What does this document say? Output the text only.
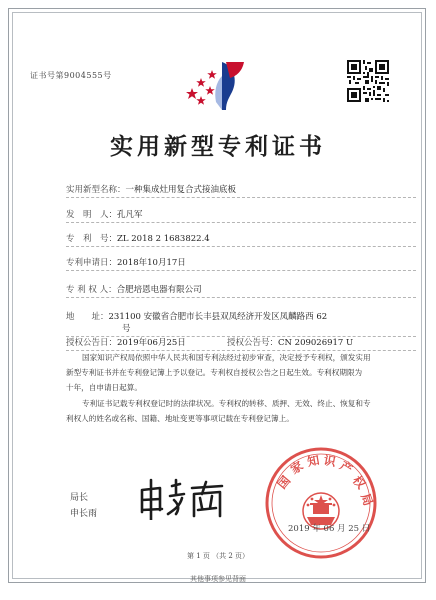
证书号第9004555号
实用新型专利证书
实用新型名称：一种集成灶用复合式接油底板
发　明　人：孔凡军
专　利　号：ZL 2018 2 1683822.4
专利申请日：2018年10月17日
专 利 权 人：合肥培恩电器有限公司
地　　址：231100 安徽省合肥市长丰县双凤经济开发区凤麟路西 62
号
授权公告日：2019年06月25日	授权公告号：CN 209026917 U
国家知识产权局依照中华人民共和国专利法经过初步审查，决定授予专利权，颁发实用
新型专利证书并在专利登记簿上予以登记。专利权自授权公告之日起生效。专利权期限为
十年，自申请日起算。
专利证书记载专利权登记时的法律状况。专利权的转移、质押、无效、终止、恢复和专
利权人的姓名或名称、国籍、地址变更等事项记载在专利登记簿上。
局长
申长雨
国
家 知 识 产
权
局
2019 年 06 月 25 日
第 1 页 （共 2 页）
其他事项参见背面
